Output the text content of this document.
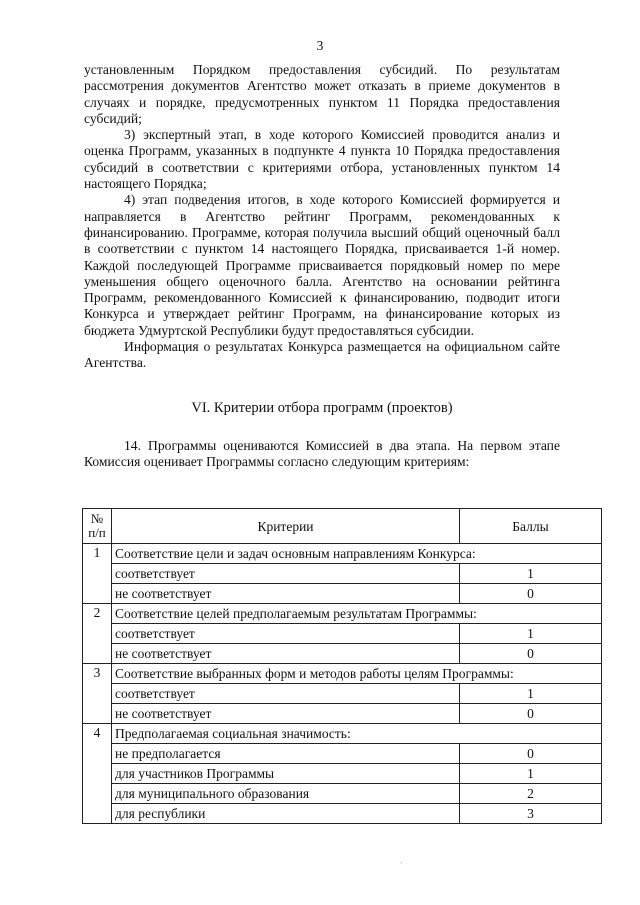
3

установленным Порядком предоставления субсидий. По результатам рассмотрения документов Агентство может отказать в приеме документов в случаях и порядке, предусмотренных пунктом 11 Порядка предоставления субсидий;

3) экспертный этап, в ходе которого Комиссией проводится анализ и оценка Программ, указанных в подпункте 4 пункта 10 Порядка предоставления субсидий в соответствии с критериями отбора, установленных пунктом 14 настоящего Порядка;

4) этап подведения итогов, в ходе которого Комиссией формируется и направляется в Агентство рейтинг Программ, рекомендованных к финансированию. Программе, которая получила высший общий оценочный балл в соответствии с пунктом 14 настоящего Порядка, присваивается 1-й номер. Каждой последующей Программе присваивается порядковый номер по мере уменьшения общего оценочного балла. Агентство на основании рейтинга Программ, рекомендованного Комиссией к финансированию, подводит итоги Конкурса и утверждает рейтинг Программ, на финансирование которых из бюджета Удмуртской Республики будут предоставляться субсидии.

Информация о результатах Конкурса размещается на официальном сайте Агентства.

VI. Критерии отбора программ (проектов)

14. Программы оцениваются Комиссией в два этапа. На первом этапе Комиссия оценивает Программы согласно следующим критериям:

№ п/п	Критерии	Баллы
1	Соответствие цели и задач основным направлениям Конкурса:	
	соответствует	1
	не соответствует	0
2	Соответствие целей предполагаемым результатам Программы:	
	соответствует	1
	не соответствует	0
3	Соответствие выбранных форм и методов работы целям Программы:	
	соответствует	1
	не соответствует	0
4	Предполагаемая социальная значимость:	
	не предполагается	0
	для участников Программы	1
	для муниципального образования	2
	для республики	3
´
